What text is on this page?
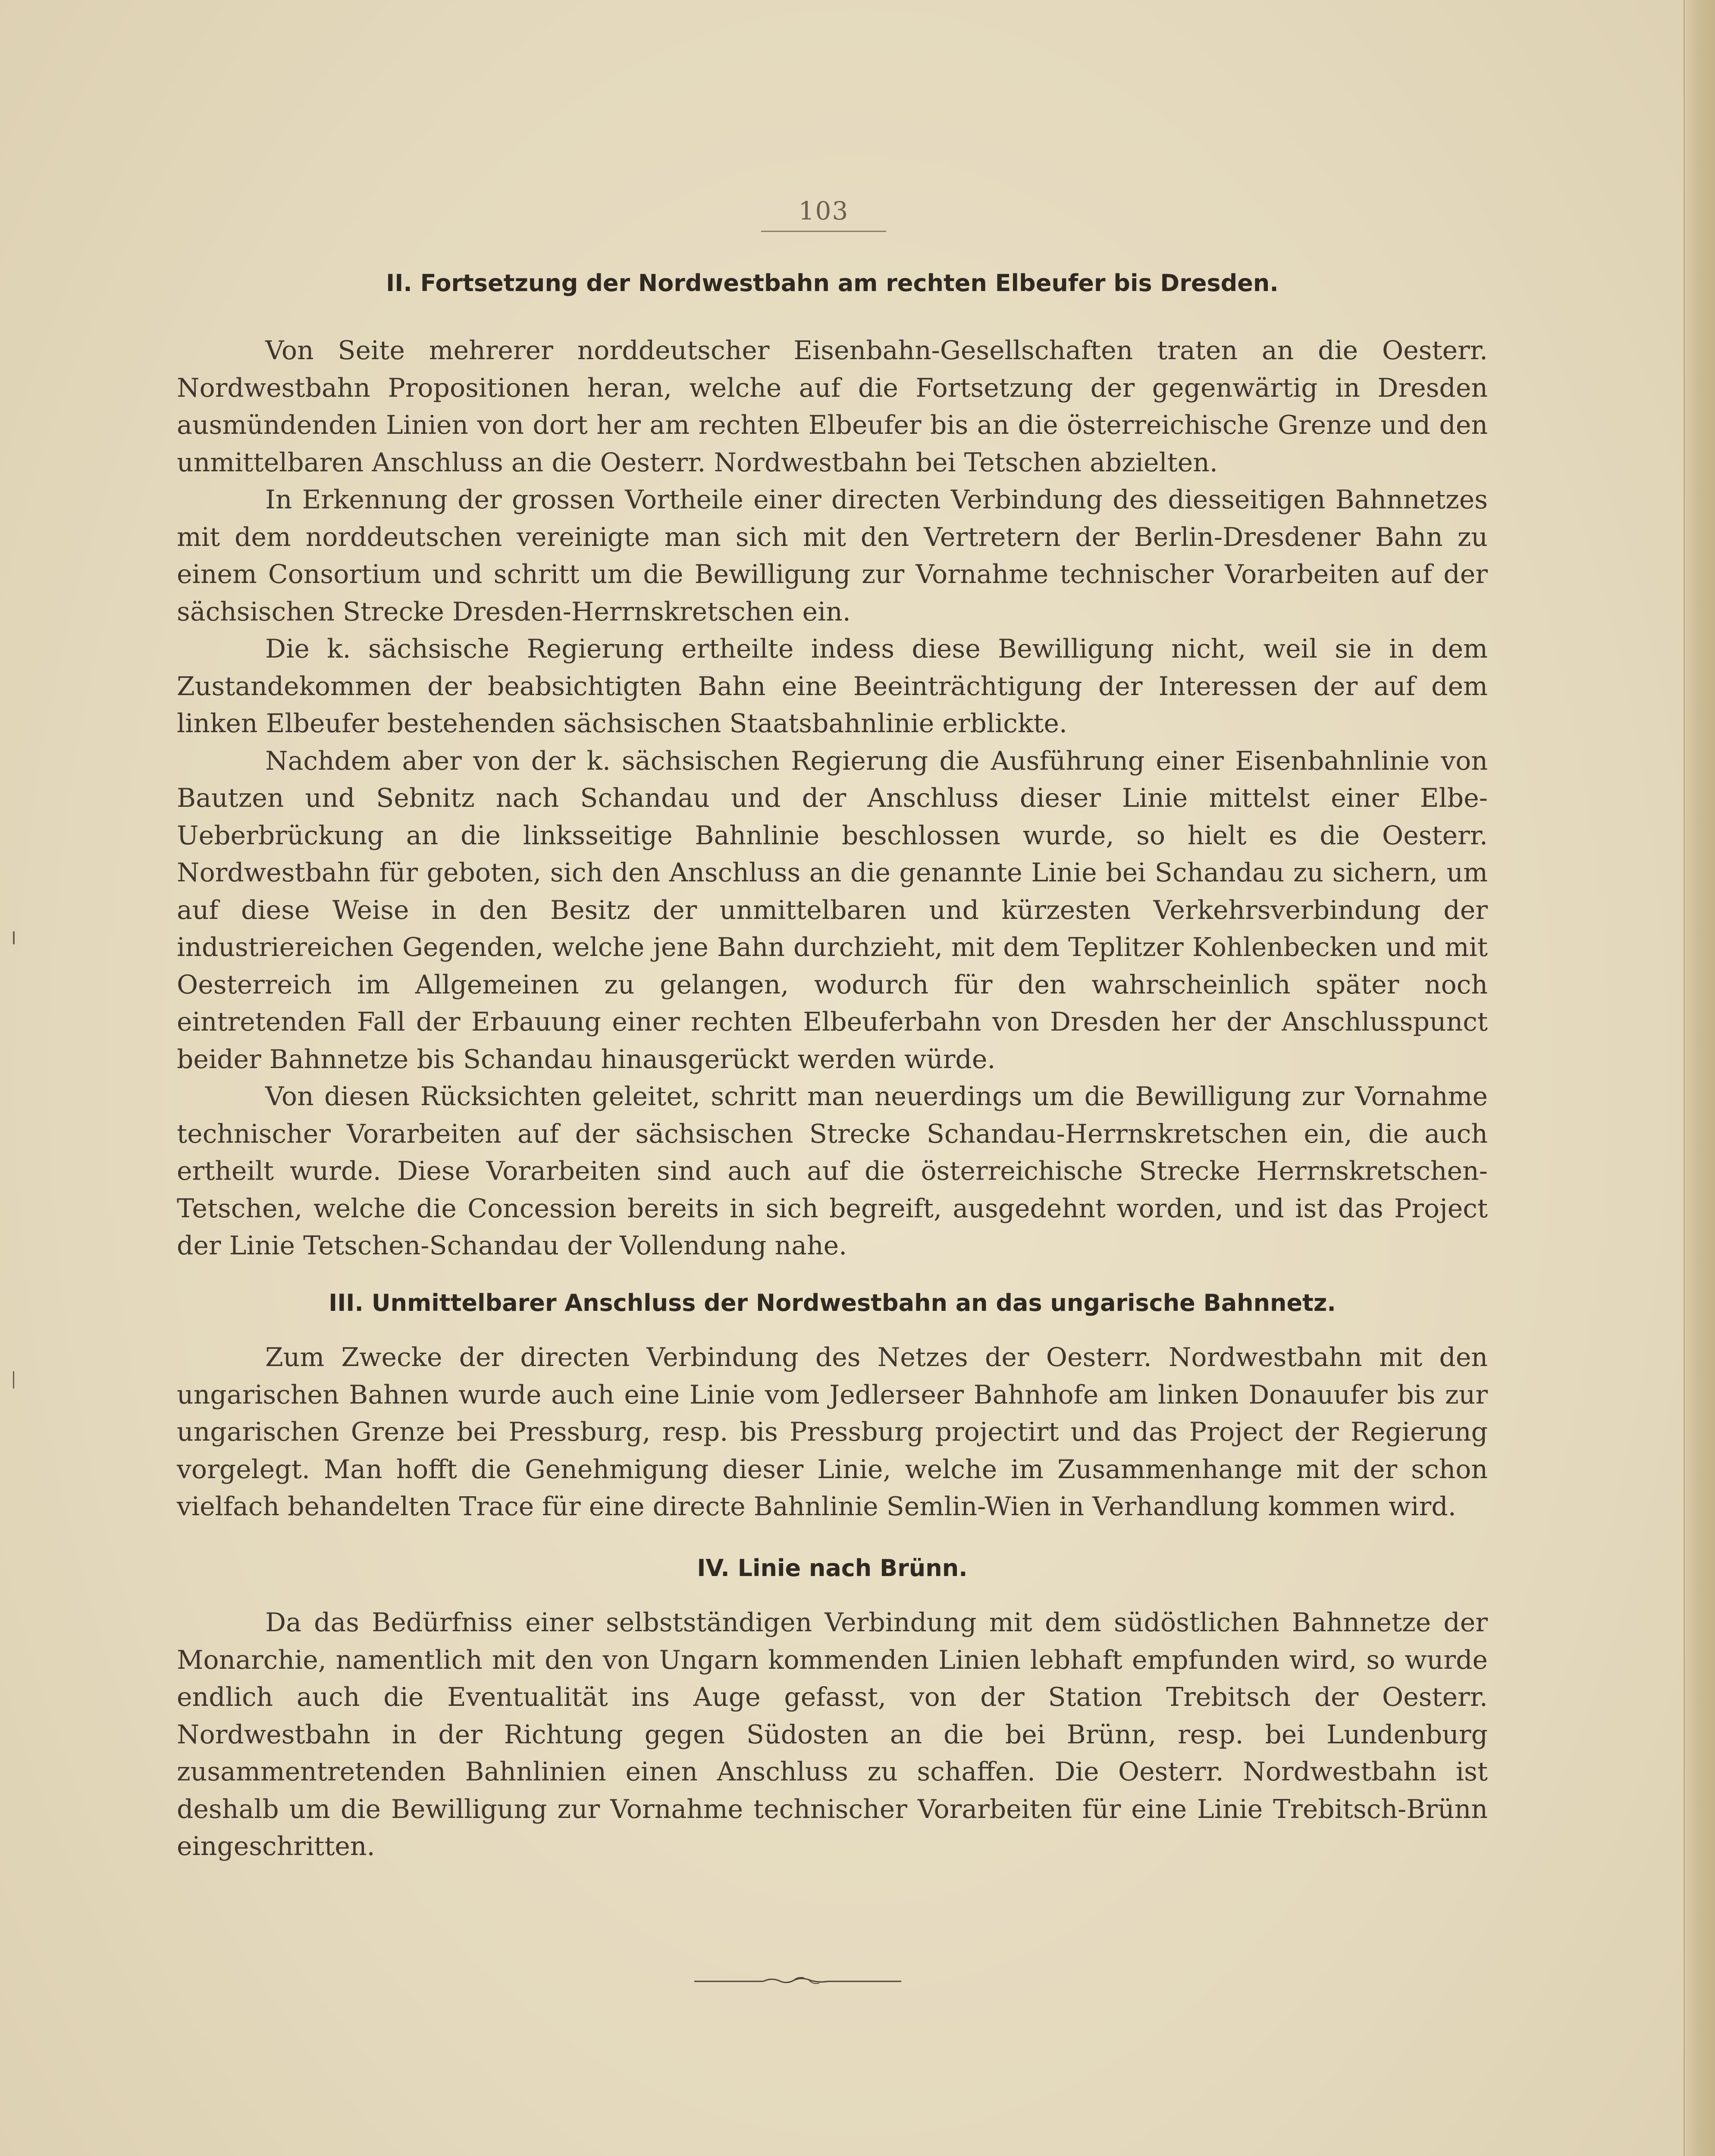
103
II. Fortsetzung der Nordwestbahn am rechten Elbeufer bis Dresden.

Von Seite mehrerer norddeutscher Eisenbahn-Gesellschaften traten an die Oesterr. Nordwestbahn Propositionen heran, welche auf die Fortsetzung der gegenwärtig in Dresden ausmündenden Linien von dort her am rechten Elbeufer bis an die österreichische Grenze und den unmittelbaren Anschluss an die Oesterr. Nordwestbahn bei Tetschen abzielten.

In Erkennung der grossen Vortheile einer directen Verbindung des diesseitigen Bahnnetzes mit dem norddeutschen vereinigte man sich mit den Vertretern der Berlin-Dresdener Bahn zu einem Consortium und schritt um die Bewilligung zur Vornahme technischer Vorarbeiten auf der sächsischen Strecke Dresden-Herrnskretschen ein.

Die k. sächsische Regierung ertheilte indess diese Bewilligung nicht, weil sie in dem Zustandekommen der beabsichtigten Bahn eine Beeinträchtigung der Interessen der auf dem linken Elbeufer bestehenden sächsischen Staatsbahnlinie erblickte.

Nachdem aber von der k. sächsischen Regierung die Ausführung einer Eisenbahnlinie von Bautzen und Sebnitz nach Schandau und der Anschluss dieser Linie mittelst einer Elbe-Ueberbrückung an die linksseitige Bahnlinie beschlossen wurde, so hielt es die Oesterr. Nordwestbahn für geboten, sich den Anschluss an die genannte Linie bei Schandau zu sichern, um auf diese Weise in den Besitz der unmittelbaren und kürzesten Verkehrsverbindung der industriereichen Gegenden, welche jene Bahn durchzieht, mit dem Teplitzer Kohlenbecken und mit Oesterreich im Allgemeinen zu gelangen, wodurch für den wahrscheinlich später noch eintretenden Fall der Erbauung einer rechten Elbeuferbahn von Dresden her der Anschlusspunct beider Bahnnetze bis Schandau hinausgerückt werden würde.

Von diesen Rücksichten geleitet, schritt man neuerdings um die Bewilligung zur Vornahme technischer Vorarbeiten auf der sächsischen Strecke Schandau-Herrnskretschen ein, die auch ertheilt wurde. Diese Vorarbeiten sind auch auf die österreichische Strecke Herrnskretschen-Tetschen, welche die Concession bereits in sich begreift, ausgedehnt worden, und ist das Project der Linie Tetschen-Schandau der Vollendung nahe.

III. Unmittelbarer Anschluss der Nordwestbahn an das ungarische Bahnnetz.

Zum Zwecke der directen Verbindung des Netzes der Oesterr. Nordwestbahn mit den ungarischen Bahnen wurde auch eine Linie vom Jedlerseer Bahnhofe am linken Donauufer bis zur ungarischen Grenze bei Pressburg, resp. bis Pressburg projectirt und das Project der Regierung vorgelegt. Man hofft die Genehmigung dieser Linie, welche im Zusammenhange mit der schon vielfach behandelten Trace für eine directe Bahnlinie Semlin-Wien in Verhandlung kommen wird.

IV. Linie nach Brünn.

Da das Bedürfniss einer selbstständigen Verbindung mit dem südöstlichen Bahnnetze der Monarchie, namentlich mit den von Ungarn kommenden Linien lebhaft empfunden wird, so wurde endlich auch die Eventualität ins Auge gefasst, von der Station Trebitsch der Oesterr. Nordwestbahn in der Richtung gegen Südosten an die bei Brünn, resp. bei Lundenburg zusammentretenden Bahnlinien einen Anschluss zu schaffen. Die Oesterr. Nordwestbahn ist deshalb um die Bewilligung zur Vornahme technischer Vorarbeiten für eine Linie Trebitsch-Brünn eingeschritten.
